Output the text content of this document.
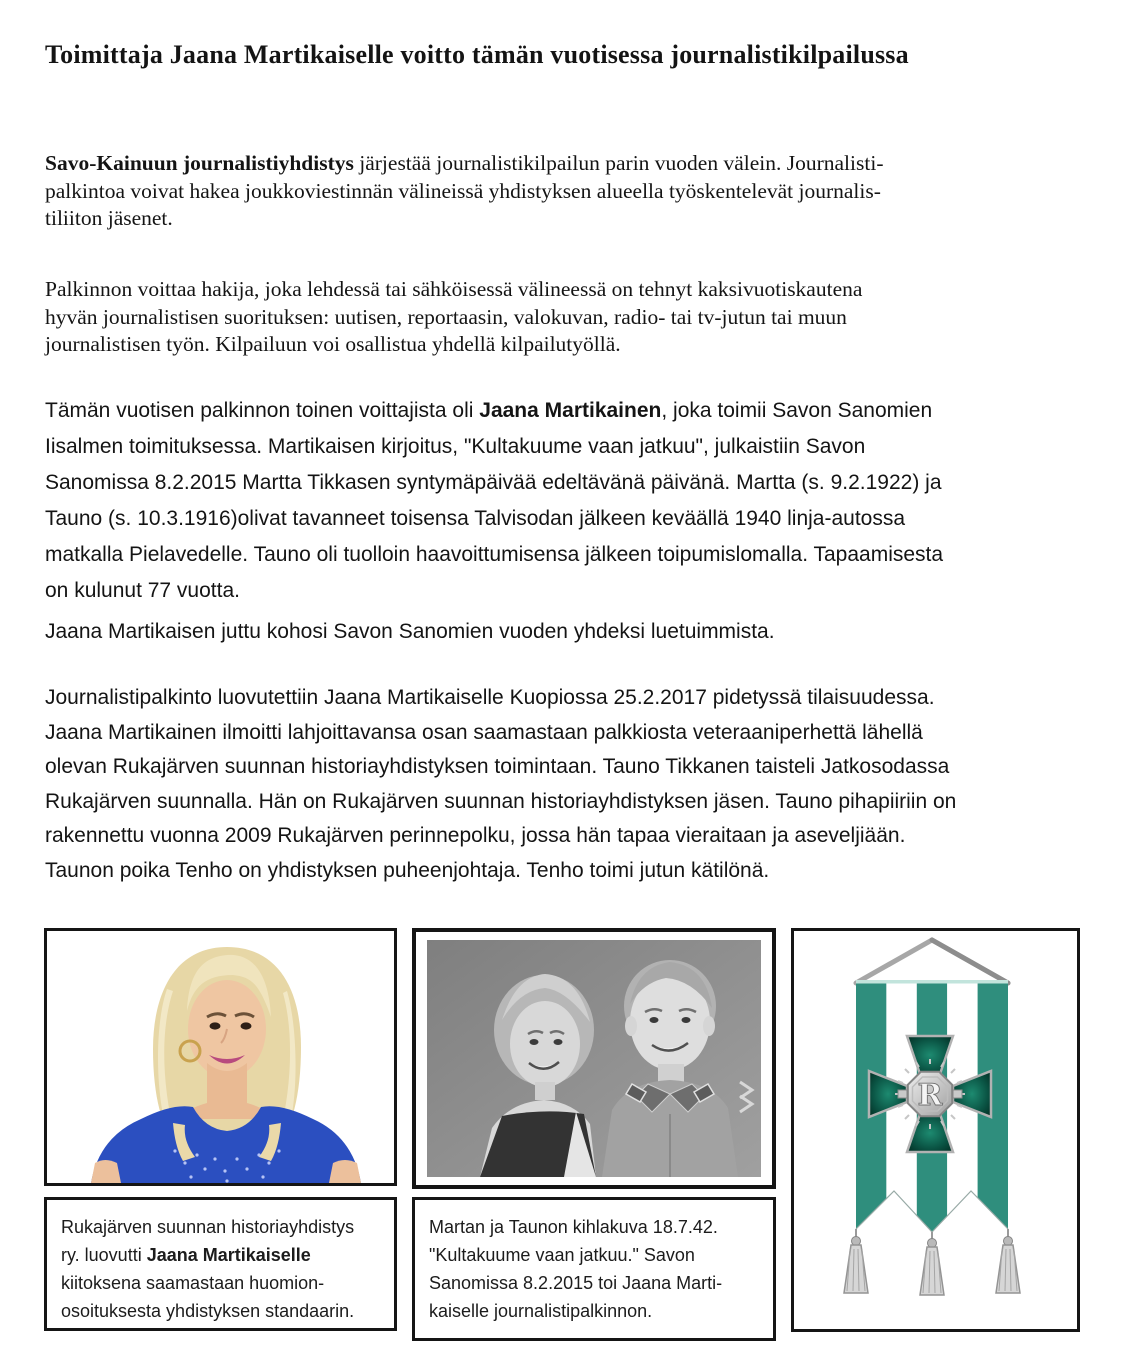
Toimittaja Jaana Martikaiselle voitto tämän vuotisessa journalistikilpailussa

Savo-Kainuun journalistiyhdistys järjestää journalistikilpailun parin vuoden välein. Journalisti-
palkintoa voivat hakea joukkoviestinnän välineissä yhdistyksen alueella työskentelevät journalis-
tiliiton jäsenet.

Palkinnon voittaa hakija, joka lehdessä tai sähköisessä välineessä on tehnyt kaksivuotiskautena
hyvän journalistisen suorituksen: uutisen, reportaasin, valokuvan, radio- tai tv-jutun tai muun
journalistisen työn. Kilpailuun voi osallistua yhdellä kilpailutyöllä.

Tämän vuotisen palkinnon toinen voittajista oli Jaana Martikainen, joka toimii Savon Sanomien
Iisalmen toimituksessa. Martikaisen kirjoitus, "Kultakuume vaan jatkuu", julkaistiin Savon
Sanomissa 8.2.2015 Martta Tikkasen syntymäpäivää edeltävänä päivänä. Martta (s. 9.2.1922) ja
Tauno (s. 10.3.1916)olivat tavanneet toisensa Talvisodan jälkeen keväällä 1940 linja-autossa
matkalla Pielavedelle. Tauno oli tuolloin haavoittumisensa jälkeen toipumislomalla. Tapaamisesta
on kulunut 77 vuotta.

Jaana Martikaisen juttu kohosi Savon Sanomien vuoden yhdeksi luetuimmista.

Journalistipalkinto luovutettiin Jaana Martikaiselle Kuopiossa 25.2.2017 pidetyssä tilaisuudessa.
Jaana Martikainen ilmoitti lahjoittavansa osan saamastaan palkkiosta veteraaniperhettä lähellä
olevan Rukajärven suunnan historiayhdistyksen toimintaan. Tauno Tikkanen taisteli Jatkosodassa
Rukajärven suunnalla. Hän on Rukajärven suunnan historiayhdistyksen jäsen. Tauno pihapiiriin on
rakennettu vuonna 2009 Rukajärven perinnepolku, jossa hän tapaa vieraitaan ja aseveljiään.
Taunon poika Tenho on yhdistyksen puheenjohtaja. Tenho toimi jutun kätilönä.

R
Rukajärven suunnan historiayhdistys
ry. luovutti Jaana Martikaiselle
kiitoksena saamastaan huomion-
osoituksesta yhdistyksen standaarin.
Martan ja Taunon kihlakuva 18.7.42.
"Kultakuume vaan jatkuu." Savon
Sanomissa 8.2.2015 toi Jaana Marti-
kaiselle journalistipalkinnon.
